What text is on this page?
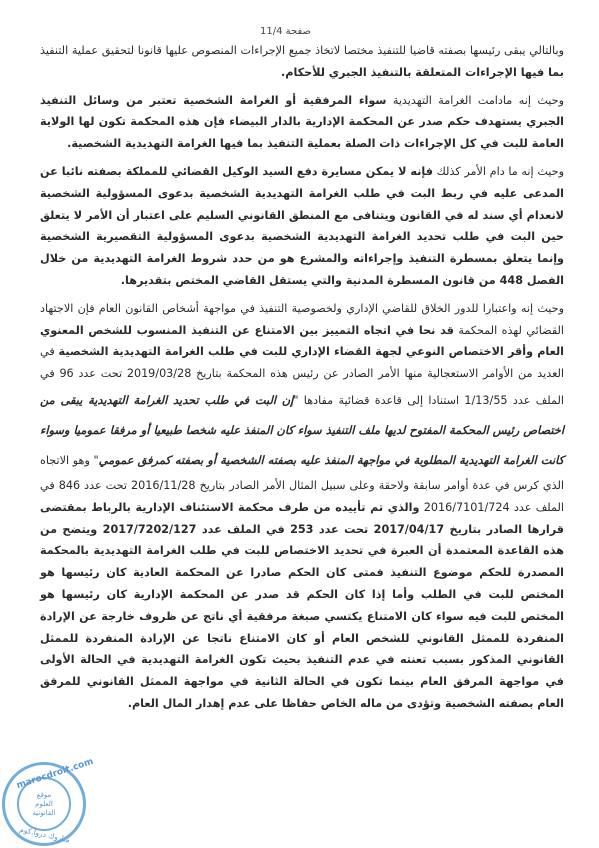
صفحة 11/4

وبالتالي يبقى رئيسها بصفته قاضيا للتنفيذ مختصا لاتخاذ جميع الإجراءات المنصوص عليها قانونا لتحقيق عملية التنفيذ بما فيها الإجراءات المتعلقة بالتنفيذ الجبري للأحكام.

وحيث إنه مادامت الغرامة التهديدية سواء المرفقية أو الغرامة الشخصية تعتبر من وسائل التنفيذ الجبري يستهدف حكم صدر عن المحكمة الإدارية بالدار البيضاء فإن هذه المحكمة تكون لها الولاية العامة للبت في كل الإجراءات ذات الصلة بعملية التنفيذ بما فيها الغرامة التهديدية الشخصية.

وحيث إنه ما دام الأمر كذلك فإنه لا يمكن مسايرة دفع السيد الوكيل القضائي للمملكة بصفته نائبا عن المدعى عليه في ربط البت في طلب الغرامة التهديدية الشخصية بدعوى المسؤولية الشخصية لانعدام أي سند له في القانون ويتنافى مع المنطق القانوني السليم على اعتبار أن الأمر لا يتعلق حين البت في طلب تحديد الغرامة التهديدية الشخصية بدعوى المسؤولية التقصيرية الشخصية وإنما يتعلق بمسطرة التنفيذ وإجراءاته والمشرع هو من حدد شروط الغرامة التهديدية من خلال الفصل 448 من قانون المسطرة المدنية والتي يستقل القاضي المختص بتقديرها.

وحيث إنه واعتبارا للدور الخلاق للقاضي الإداري ولخصوصية التنفيذ في مواجهة أشخاص القانون العام فإن الاجتهاد القضائي لهذه المحكمة قد نحا في اتجاه التمييز بين الامتناع عن التنفيذ المنسوب للشخص المعنوي العام وأقر الاختصاص النوعي لجهة القضاء الإداري للبت في طلب الغرامة التهديدية الشخصية في العديد من الأوامر الاستعجالية منها الأمر الصادر عن رئيس هذه المحكمة بتاريخ 2019/03/28 تحت عدد 96 في الملف عدد 1/13/55 استنادا إلى قاعدة قضائية مفادها "إن البت في طلب تحديد الغرامة التهديدية يبقى من اختصاص رئيس المحكمة المفتوح لديها ملف التنفيذ سواء كان المنفذ عليه شخصا طبيعيا أو مرفقا عموميا وسواء كانت الغرامة التهديدية المطلوبة في مواجهة المنفذ عليه بصفته الشخصية أو بصفته كمرفق عمومي" وهو الاتجاه الذي كرس في عدة أوامر سابقة ولاحقة وعلى سبيل المثال الأمر الصادر بتاريخ 2016/11/28 تحت عدد 846 في الملف عدد 2016/7101/724 والذي تم تأييده من طرف محكمة الاستئناف الإدارية بالرباط بمقتضى قرارها الصادر بتاريخ 2017/04/17 تحت عدد 253 في الملف عدد 2017/7202/127 ويتضح من هذه القاعدة المعتمدة أن العبرة في تحديد الاختصاص للبت في طلب الغرامة التهديدية بالمحكمة المصدرة للحكم موضوع التنفيذ فمتى كان الحكم صادرا عن المحكمة العادية كان رئيسها هو المختص للبت في الطلب وأما إذا كان الحكم قد صدر عن المحكمة الإدارية كان رئيسها هو المختص للبت فيه سواء كان الامتناع يكتسي صبغة مرفقية أي ناتج عن ظروف خارجة عن الإرادة المنفردة للممثل القانوني للشخص العام أو كان الامتناع ناتجا عن الإرادة المنفردة للممثل القانوني المذكور بسبب تعنته في عدم التنفيذ بحيث تكون الغرامة التهديدية في الحالة الأولى في مواجهة المرفق العام بينما تكون في الحالة الثانية في مواجهة الممثل القانوني للمرفق العام بصفته الشخصية وتؤدى من ماله الخاص حفاظا على عدم إهدار المال العام.

marocdroit.com
موقع
العلوم
القانونية
مـاروك دروا.كوم
